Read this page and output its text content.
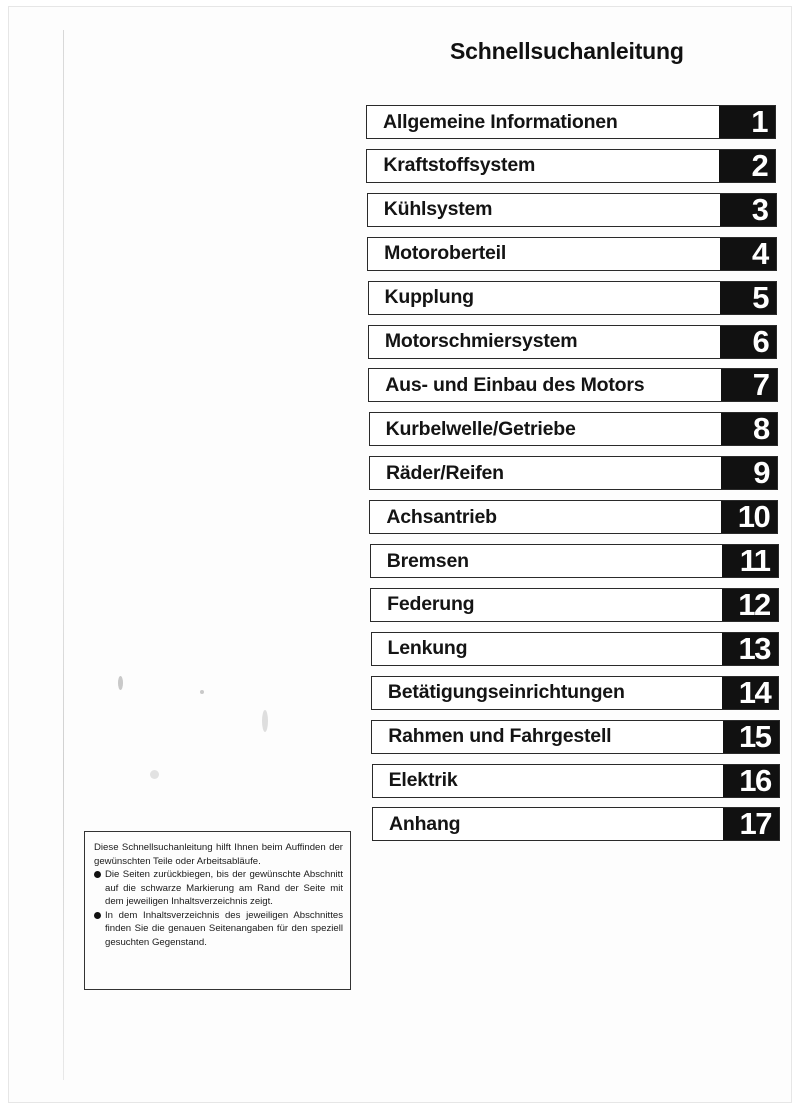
Schnellsuchanleitung
Allgemeine Informationen	1
Kraftstoffsystem	2
Kühlsystem	3
Motoroberteil	4
Kupplung	5
Motorschmiersystem	6
Aus- und Einbau des Motors	7
Kurbelwelle/Getriebe	8
Räder/Reifen	9
Achsantrieb	10
Bremsen	11
Federung	12
Lenkung	13
Betätigungseinrichtungen	14
Rahmen und Fahrgestell	15
Elektrik	16
Anhang	17

Diese Schnellsuchanleitung hilft Ihnen beim Auffinden der gewünschten Teile oder Arbeitsabläufe.

Die Seiten zurückbiegen, bis der gewünschte Abschnitt auf die schwarze Markierung am Rand der Seite mit dem jeweiligen Inhaltsverzeichnis zeigt.
In dem Inhaltsverzeichnis des jeweiligen Abschnittes finden Sie die genauen Seitenangaben für den speziell gesuchten Gegenstand.
